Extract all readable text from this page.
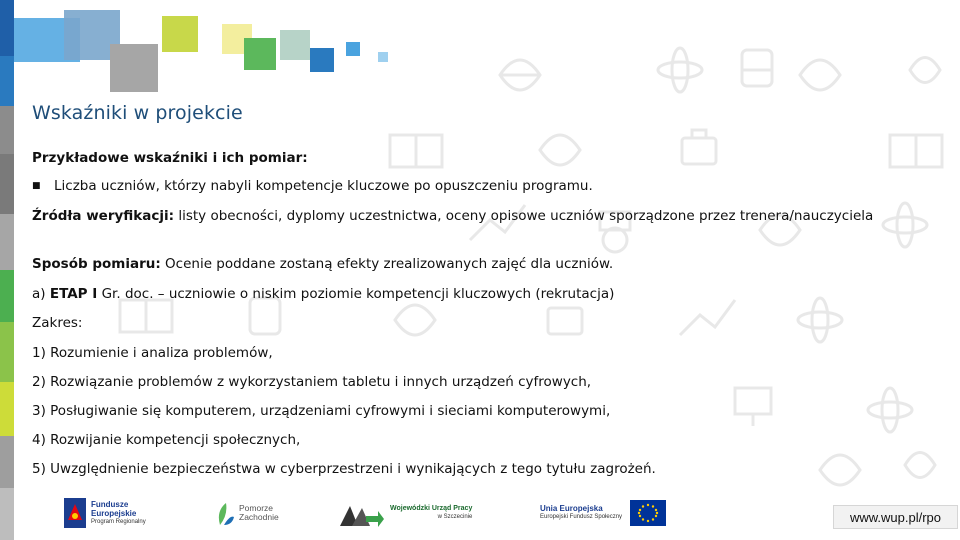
Wskaźniki w projekcie
Przykładowe wskaźniki i ich pomiar:
■ Liczba uczniów, którzy nabyli kompetencje kluczowe po opuszczeniu programu.
Źródła weryfikacji: listy obecności, dyplomy uczestnictwa, oceny opisowe uczniów sporządzone przez trenera/nauczyciela
Sposób pomiaru: Ocenie poddane zostaną efekty zrealizowanych zajęć dla uczniów.
a) ETAP I Gr. doc. – uczniowie o niskim poziomie kompetencji kluczowych (rekrutacja)
Zakres:
1) Rozumienie i analiza problemów,
2) Rozwiązanie problemów z wykorzystaniem tabletu i innych urządzeń cyfrowych,
3) Posługiwanie się komputerem, urządzeniami cyfrowymi i sieciami komputerowymi,
4) Rozwijanie kompetencji społecznych,
5) Uwzględnienie bezpieczeństwa w cyberprzestrzeni i wynikających z tego tytułu zagrożeń.
Fundusze
Europejskie
Program Regionalny
Pomorze
Zachodnie
Wojewódzki Urząd Pracy
w Szczecinie
Unia Europejska
Europejski Fundusz Społeczny	www.wup.pl/rpo
